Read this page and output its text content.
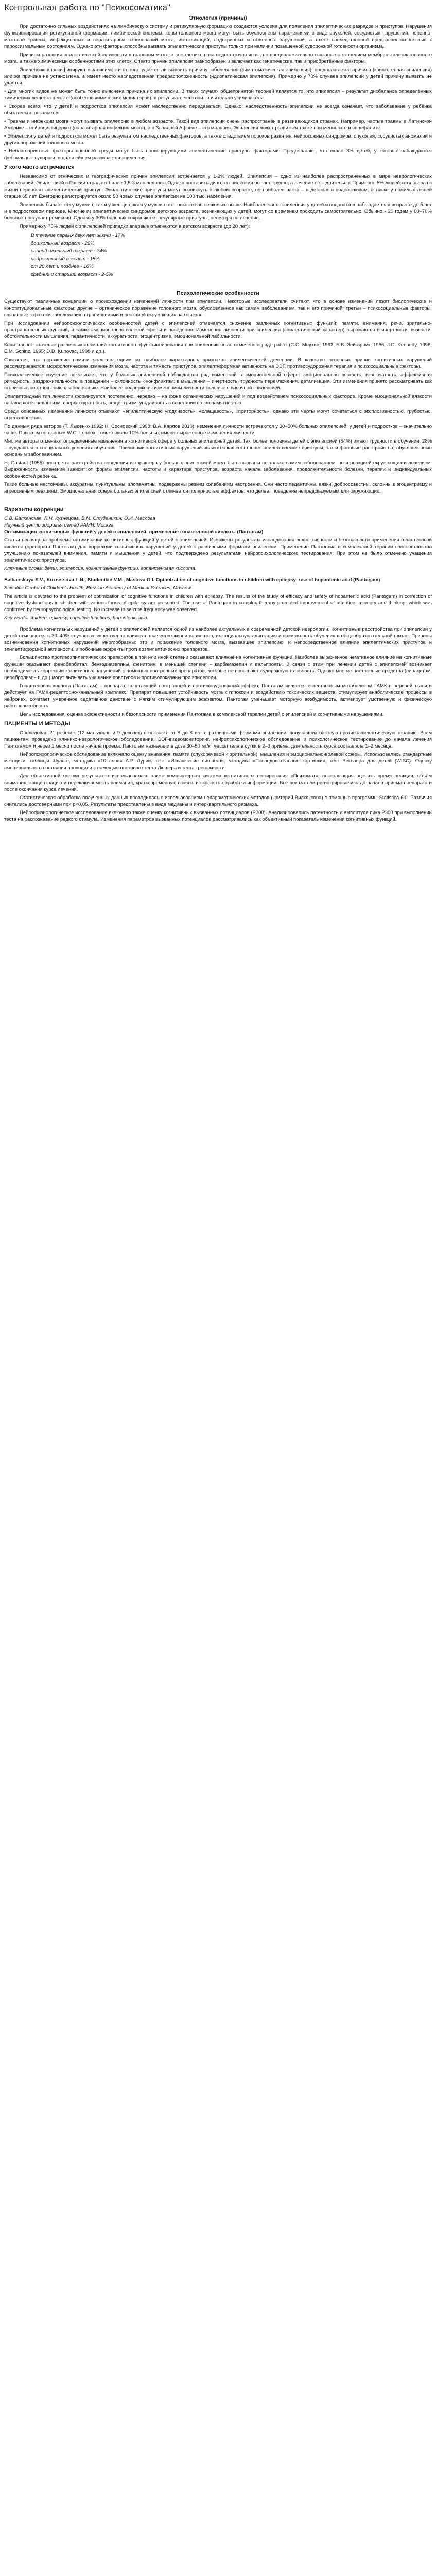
Контрольная работа по "Психосоматика"
Этиология (причины)

При достаточно сильных воздействиях на лимбическую систему и ретикулярную формацию создаются условия для появления эпилептических разрядов и приступов. Нарушения функционирования ретикулярной формации, лимбической системы, коры головного мозга могут быть обусловлены поражениями в виде опухолей, сосудистых нарушений, черепно-мозговой травмы, инфекционных и паразитарных заболеваний мозга, интоксикаций, эндокринных и обменных нарушений, а также наследственной предрасположенностью к пароксизмальным состояниям. Однако эти факторы способны вызвать эпилептические приступы только при наличии повышенной судорожной готовности организма.

Причины развития эпилептической активности в головном мозге, к сожалению, пока недостаточно ясны, но предположительно связаны со строением мембраны клеток головного мозга, а также химическими особенностями этих клеток. Спектр причин эпилепсии разнообразен и включает как генетические, так и приобретённые факторы.

Эпилепсию классифицируют в зависимости от того, удаётся ли выявить причину заболевания (симптоматическая эпилепсия), предполагается причина (криптогенная эпилепсия) или же причина не установлена, а имеет место наследственная предрасположенность (идиопатическая эпилепсия). Примерно у 70% случаев эпилепсии у детей причину выявить не удаётся.

• Для многих видов не может быть точно выяснена причина их эпилепсии. В таких случаях общепринятой теорией является то, что эпилепсия – результат дисбаланса определённых химических веществ в мозге (особенно химических медиаторов), в результате чего они значительно усиливаются.

• Скорее всего, что у детей и подростков эпилепсия может наследственно передаваться. Однако, наследственность эпилепсии не всегда означает, что заболевание у ребёнка обязательно разовьётся.

• Травмы и инфекции мозга могут вызвать эпилепсию в любом возрасте. Такой вид эпилепсии очень распространён в развивающихся странах. Например, частые травмы в Латинской Америке – нейроцистицеркоз (паразитарная инфекция мозга), а в Западной Африке – это малярия. Эпилепсия может развиться также при менингите и энцефалите.

• Эпилепсия у детей и подростков может быть результатом наследственных факторов, а также следствием пороков развития, нейрокожных синдромов, опухолей, сосудистых аномалий и других поражений головного мозга.

• Неблагоприятные факторы внешней среды могут быть провоцирующими эпилептические приступы факторами. Предполагают, что около 3% детей, у которых наблюдаются фебрильные судороги, в дальнейшем развивается эпилепсия.

У кого часто встречается

Независимо от этнических и географических причин эпилепсия встречается у 1-2% людей. Эпилепсия – одно из наиболее распространённых в мире неврологических заболеваний. Эпилепсией в России страдает более 1,5-3 млн человек. Однако поставить диагноз эпилепсии бывает трудно, а лечение её – длительно. Примерно 5% людей хотя бы раз в жизни переносят эпилептический приступ. Эпилептические приступы могут возникнуть в любом возрасте, но наиболее часто – в детском и подростковом, а также у пожилых людей старше 65 лет. Ежегодно регистрируется около 50 новых случаев эпилепсии на 100 тыс. населения.

Эпилепсия бывает как у мужчин, так и у женщин, хотя у мужчин этот показатель несколько выше. Наиболее часто эпилепсия у детей и подростков наблюдается в возрасте до 5 лет и в подростковом периоде. Многие из эпилептических синдромов детского возраста, возникающих у детей, могут со временем проходить самостоятельно. Обычно к 20 годам у 60–70% больных наступает ремиссия. Однако у 30% больных сохраняются регулярные приступы, несмотря на лечение.

Примерно у 75% людей с эпилепсией припадки впервые отмечаются в детском возрасте (до 20 лет):

В течение первых двух лет жизни - 17%
дошкольный возраст - 22%
ранний школьный возраст - 34%
подростковый возраст - 15%
от 20 лет и позднее - 16%
средний и старший возраст - 2-5%
Психологические особенности

Существуют различные концепции о происхождении изменений личности при эпилепсии. Некоторые исследователи считают, что в основе изменений лежат биологические и конституциональные факторы; другие – органическое поражение головного мозга, обусловленное как самим заболеванием, так и его причиной; третьи – психосоциальные факторы, связанные с фактом заболевания, ограничениями и реакцией окружающих на болезнь.

При исследовании нейропсихологических особенностей детей с эпилепсией отмечается снижение различных когнитивных функций: памяти, внимания, речи, зрительно-пространственных функций, а также эмоционально-волевой сферы и поведения. Изменения личности при эпилепсии (эпилептический характер) выражаются в инертности, вязкости, обстоятельности мышления, педантичности, аккуратности, эгоцентризме, эмоциональной лабильности.

Капитальное значение различных аномалий когнитивного функционирования при эпилепсии было отмечено в ряде работ (С.С. Мнухин, 1962; Б.В. Зейгарник, 1986; J.D. Kennedy, 1998; Е.М. Schinz, 1995; D.D. Kunovac, 1998 и др.).

Считается, что поражение памяти является одним из наиболее характерных признаков эпилептической деменции. В качестве основных причин когнитивных нарушений рассматриваются: морфологические изменения мозга, частота и тяжесть приступов, эпилептиформная активность на ЭЭГ, противосудорожная терапия и психосоциальные факторы.

Психологическое изучение показывает, что у больных эпилепсией наблюдается ряд изменений в эмоциональной сфере: эмоциональная вязкость, взрывчатость, аффективная ригидность, раздражительность; в поведении – склонность к конфликтам; в мышлении – инертность, трудность переключения, детализация. Эти изменения принято рассматривать как вторичные по отношению к заболеванию. Наиболее подвержены изменениям личности больные с височной эпилепсией.

Эпилептоидный тип личности формируется постепенно, нередко – на фоне органических нарушений и под воздействием психосоциальных факторов. Кроме эмоциональной вязкости наблюдаются педантизм, сверхаккуратность, эгоцентризм, угодливость в сочетании со злопамятностью.

Среди описанных изменений личности отмечают «эпилептическую угодливость», «слащавость», «приторность», однако эти черты могут сочетаться с эксплозивностью, грубостью, агрессивностью.

По данным ряда авторов (Т. Лысенко 1992; Н. Сосновский 1998; В.А. Карлов 2010), изменения личности встречаются у 30–50% больных эпилепсией, у детей и подростков – значительно чаще. При этом по данным W.G. Lennox, только около 10% больных имеют выраженные изменения личности.

Многие авторы отмечают определённые изменения в когнитивной сфере у больных эпилепсией детей. Так, более половины детей с эпилепсией (54%) имеют трудности в обучении, 28% – нуждаются в специальных условиях обучения. Причинами когнитивных нарушений являются как собственно эпилептические приступы, так и фоновые расстройства, обусловленные основным заболеванием.

Н. Gastaut (1955) писал, что расстройства поведения и характера у больных эпилепсией могут быть вызваны не только самим заболеванием, но и реакцией окружающих и лечением. Выраженность изменений зависит от формы эпилепсии, частоты и характера приступов, возраста начала заболевания, продолжительности болезни, терапии и индивидуальных особенностей ребёнка.

Такие больные настойчивы, аккуратны, пунктуальны, злопамятны, подвержены резким колебаниям настроения. Они часто педантичны, вязки, добросовестны, склонны к эгоцентризму и агрессивным реакциям. Эмоциональная сфера больных эпилепсией отличается полярностью аффектов, что делает поведение непредсказуемым для окружающих.

Варианты коррекции
С.В. Балканская, Л.Н. Кузнецова, В.М. Студеникин, О.И. Маслова
Научный центр здоровья детей РАМН, Москва

Оптимизация когнитивных функций у детей с эпилепсией: применение гопантеновой кислоты (Пантогам)

Статья посвящена проблеме оптимизации когнитивных функций у детей с эпилепсией. Изложены результаты исследования эффективности и безопасности применения гопантеновой кислоты (препарата Пантогам) для коррекции когнитивных нарушений у детей с различными формами эпилепсии. Применение Пантогама в комплексной терапии способствовало улучшению показателей внимания, памяти и мышления у детей, что подтверждено результатами нейропсихологического тестирования. При этом не было отмечено учащения эпилептических приступов.

Ключевые слова: дети, эпилепсия, когнитивные функции, гопантеновая кислота.

Balkanskaya S.V., Kuznetsova L.N., Studenikin V.M., Maslova O.I. Optimization of cognitive functions in children with epilepsy: use of hopantenic acid (Pantogam)

Scientific Center of Children's Health, Russian Academy of Medical Sciences, Moscow

The article is devoted to the problem of optimization of cognitive functions in children with epilepsy. The results of the study of efficacy and safety of hopantenic acid (Pantogam) in correction of cognitive dysfunctions in children with various forms of epilepsy are presented. The use of Pantogam in complex therapy promoted improvement of attention, memory and thinking, which was confirmed by neuropsychological testing. No increase in seizure frequency was observed.

Key words: children, epilepsy, cognitive functions, hopantenic acid.

Проблема когнитивных нарушений у детей с эпилепсией является одной из наиболее актуальных в современной детской неврологии. Когнитивные расстройства при эпилепсии у детей отмечаются в 30–40% случаев и существенно влияют на качество жизни пациентов, их социальную адаптацию и возможность обучения в общеобразовательной школе. Причины возникновения когнитивных нарушений многообразны: это и поражение головного мозга, вызвавшее эпилепсию, и непосредственное влияние эпилептических приступов и эпилептиформной активности, и побочные эффекты противоэпилептических препаратов.

Большинство противоэпилептических препаратов в той или иной степени оказывают влияние на когнитивные функции. Наиболее выраженное негативное влияние на когнитивные функции оказывают фенобарбитал, бензодиазепины, фенитоин; в меньшей степени – карбамазепин и вальпроаты. В связи с этим при лечении детей с эпилепсией возникает необходимость коррекции когнитивных нарушений с помощью ноотропных препаратов, которые не повышают судорожную готовность. Однако многие ноотропные средства (пирацетам, церебролизин и др.) могут вызывать учащение приступов и противопоказаны при эпилепсии.

Гопантеновая кислота (Пантогам) – препарат, сочетающий ноотропный и противосудорожный эффект. Пантогам является естественным метаболитом ГАМК в нервной ткани и действует на ГАМК-рецепторно-канальный комплекс. Препарат повышает устойчивость мозга к гипоксии и воздействию токсических веществ, стимулирует анаболические процессы в нейронах, сочетает умеренное седативное действие с мягким стимулирующим эффектом. Пантогам уменьшает моторную возбудимость, активирует умственную и физическую работоспособность.

Цель исследования: оценка эффективности и безопасности применения Пантогама в комплексной терапии детей с эпилепсией и когнитивными нарушениями.

ПАЦИЕНТЫ И МЕТОДЫ

Обследован 21 ребёнок (12 мальчиков и 9 девочек) в возрасте от 8 до 8 лет с различными формами эпилепсии, получавших базовую противоэпилептическую терапию. Всем пациентам проведено клинико-неврологическое обследование, ЭЭГ-видеомониторинг, нейропсихологическое обследование и психологическое тестирование до начала лечения Пантогамом и через 1 месяц после начала приёма. Пантогам назначали в дозе 30–50 мг/кг массы тела в сутки в 2–3 приёма, длительность курса составляла 1–2 месяца.

Нейропсихологическое обследование включало оценку внимания, памяти (слухоречевой и зрительной), мышления и эмоционально-волевой сферы. Использовались стандартные методики: таблицы Шульте, методика «10 слов» А.Р. Лурии, тест «Исключение лишнего», методика «Последовательные картинки», тест Векслера для детей (WISC). Оценку эмоционального состояния проводили с помощью цветового теста Люшера и теста тревожности.

Для объективной оценки результатов использовалась также компьютерная система когнитивного тестирования «Психомат», позволяющая оценить время реакции, объём внимания, концентрацию и переключаемость внимания, кратковременную память и скорость обработки информации. Все показатели регистрировались до начала приёма препарата и после окончания курса лечения.

Статистическая обработка полученных данных проводилась с использованием непараметрических методов (критерий Вилкоксона) с помощью программы Statistica 6.0. Различия считались достоверными при p<0,05. Результаты представлены в виде медианы и интерквартильного размаха.

Нейрофизиологическое исследование включало также оценку когнитивных вызванных потенциалов (P300). Анализировались латентность и амплитуда пика P300 при выполнении теста на распознавание редкого стимула. Изменения параметров вызванных потенциалов рассматривались как объективный показатель изменения когнитивных функций.
